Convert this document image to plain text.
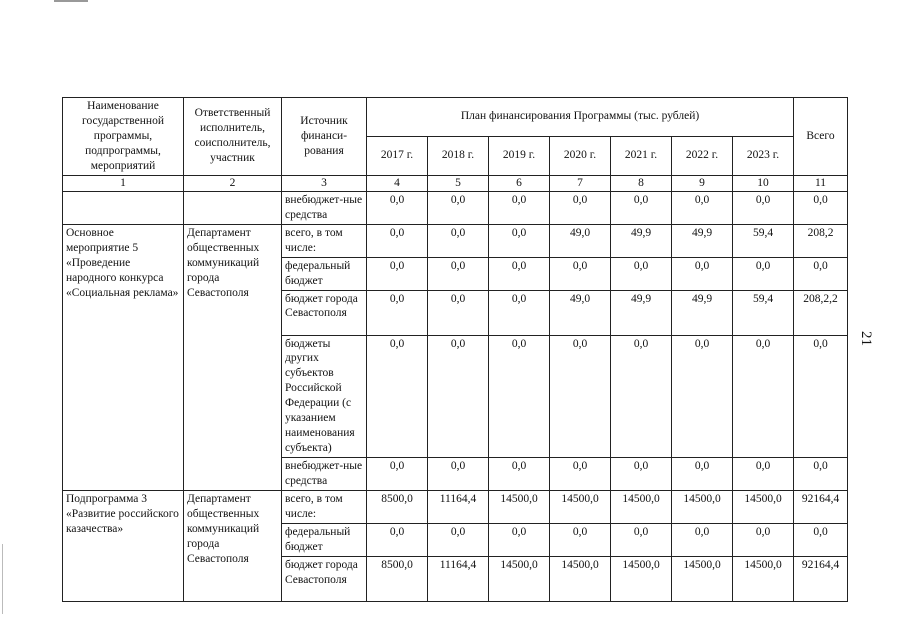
21
Наименование государственной программы, подпрограммы, мероприятий	Ответственный исполнитель, соисполнитель, участник	Источник финанси-рования	План финансирования Программы (тыс. рублей)							Всего
			2017 г.	2018 г.	2019 г.	2020 г.	2021 г.	2022 г.	2023 г.	
1	2	3	4	5	6	7	8	9	10	11
		внебюджет-ные средства	0,0	0,0	0,0	0,0	0,0	0,0	0,0	0,0
Основное мероприятие 5 «Проведение народного конкурса «Социальная реклама»	Департамент общественных коммуникаций города Севастополя	всего, в том числе:	0,0	0,0	0,0	49,0	49,9	49,9	59,4	208,2
		федеральный бюджет	0,0	0,0	0,0	0,0	0,0	0,0	0,0	0,0
		бюджет города Севастополя	0,0	0,0	0,0	49,0	49,9	49,9	59,4	208,2,2
		бюджеты других субъектов Российской Федерации (с указанием наименования субъекта)	0,0	0,0	0,0	0,0	0,0	0,0	0,0	0,0
		внебюджет-ные средства	0,0	0,0	0,0	0,0	0,0	0,0	0,0	0,0
Подпрограмма 3 «Развитие российского казачества»	Департамент общественных коммуникаций города Севастополя	всего, в том числе:	8500,0	11164,4	14500,0	14500,0	14500,0	14500,0	14500,0	92164,4
		федеральный бюджет	0,0	0,0	0,0	0,0	0,0	0,0	0,0	0,0
		бюджет города Севастополя	8500,0	11164,4	14500,0	14500,0	14500,0	14500,0	14500,0	92164,4
